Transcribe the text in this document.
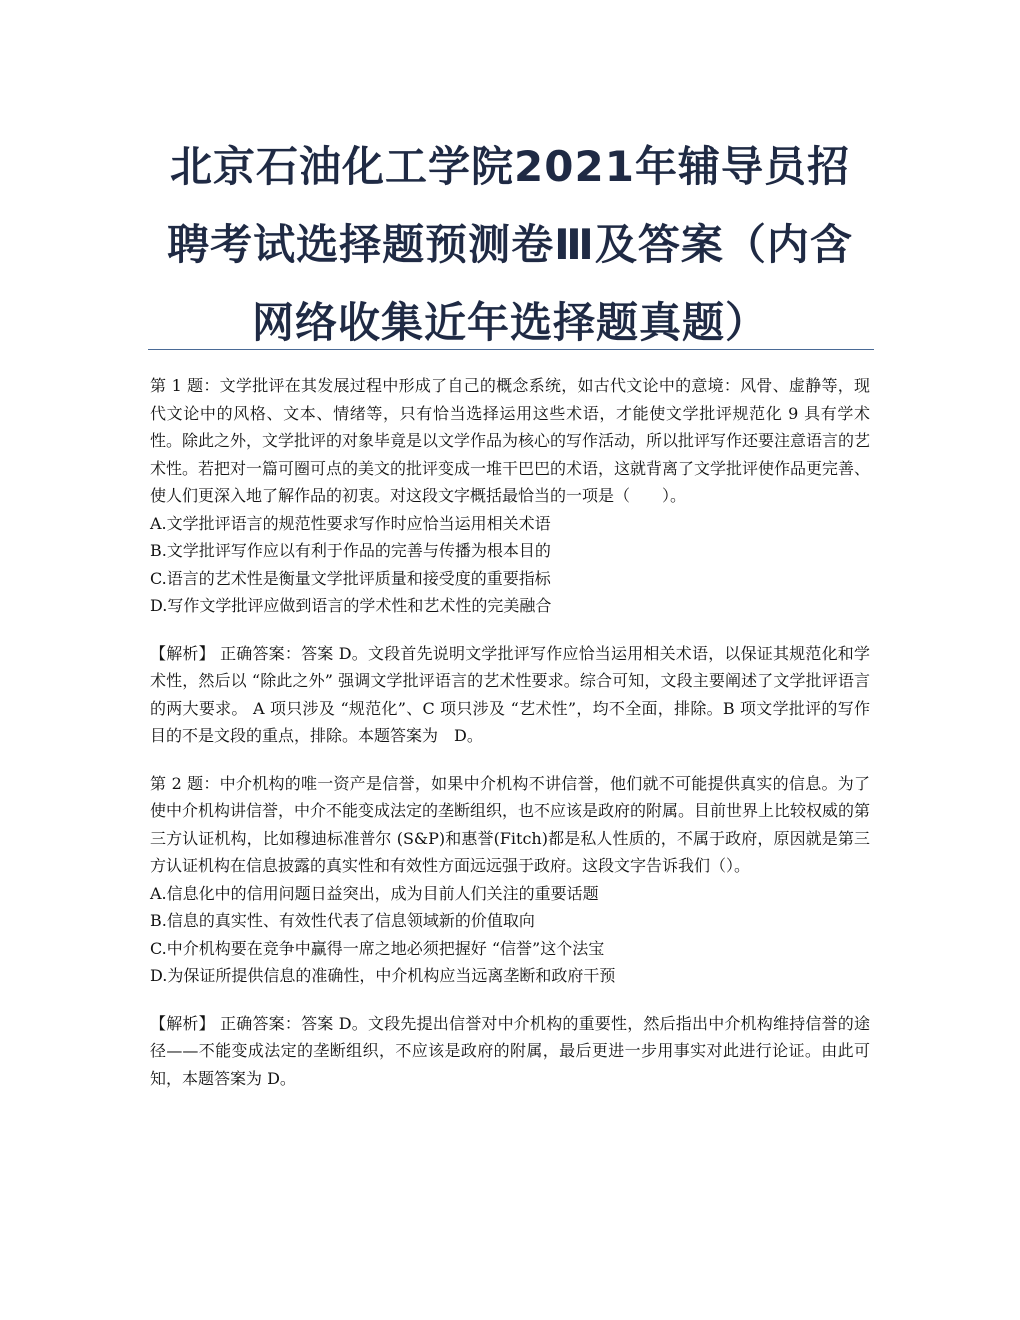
北京石油化工学院2021年辅导员招聘考试选择题预测卷Ⅲ及答案（内含网络收集近年选择题真题）

第 1 题：文学批评在其发展过程中形成了自己的概念系统，如古代文论中的意境：风骨、虚静等，现代文论中的风格、文本、情绪等，只有恰当选择运用这些术语，才能使文学批评规范化 9 具有学术性。除此之外，文学批评的对象毕竟是以文学作品为核心的写作活动，所以批评写作还要注意语言的艺术性。若把对一篇可圈可点的美文的批评变成一堆干巴巴的术语，这就背离了文学批评使作品更完善、使人们更深入地了解作品的初衷。对这段文字概括最恰当的一项是（　　）。

A.文学批评语言的规范性要求写作时应恰当运用相关术语

B.文学批评写作应以有利于作品的完善与传播为根本目的

C.语言的艺术性是衡量文学批评质量和接受度的重要指标

D.写作文学批评应做到语言的学术性和艺术性的完美融合

【解析】 正确答案：答案 D。文段首先说明文学批评写作应恰当运用相关术语，以保证其规范化和学术性，然后以 “除此之外” 强调文学批评语言的艺术性要求。综合可知，文段主要阐述了文学批评语言的两大要求。 A 项只涉及 “规范化”、C 项只涉及 “艺术性”，均不全面，排除。B 项文学批评的写作目的不是文段的重点，排除。本题答案为　D。

第 2 题：中介机构的唯一资产是信誉，如果中介机构不讲信誉，他们就不可能提供真实的信息。为了使中介机构讲信誉，中介不能变成法定的垄断组织，也不应该是政府的附属。目前世界上比较权威的第三方认证机构，比如穆迪标准普尔 (S&P)和惠誉(Fitch)都是私人性质的，不属于政府，原因就是第三方认证机构在信息披露的真实性和有效性方面远远强于政府。这段文字告诉我们（）。

A.信息化中的信用问题日益突出，成为目前人们关注的重要话题

B.信息的真实性、有效性代表了信息领域新的价值取向

C.中介机构要在竞争中赢得一席之地必须把握好 “信誉”这个法宝

D.为保证所提供信息的准确性，中介机构应当远离垄断和政府干预

【解析】 正确答案：答案 D。文段先提出信誉对中介机构的重要性，然后指出中介机构维持信誉的途径——不能变成法定的垄断组织，不应该是政府的附属，最后更进一步用事实对此进行论证。由此可知，本题答案为 D。
